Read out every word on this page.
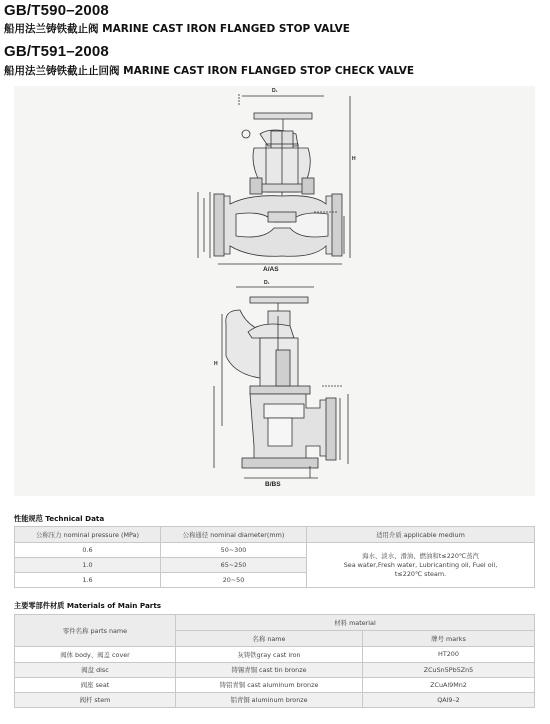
GB/T590–2008
船用法兰铸铁截止阀 MARINE CAST IRON FLANGED STOP VALVE
GB/T591–2008
船用法兰铸铁截止止回阀 MARINE CAST IRON FLANGED STOP CHECK VALVE
A/AS
B/BS
D₁
H
D₁
H
性能规范 Technical Data
公称压力 nominal pressure (MPa)	公称通径 nominal diameter(mm)	适用介质 applicable medium
0.6	50~300	海水、淡水、滑油、燃油和t≤220℃蒸汽
Sea water,Fresh water, Lubricanting oil, Fuel oil,
t≤220℃ steam.

1.0	65~250	
1.6	20~50	
主要零部件材质 Materials of Main Parts
零件名称 parts name	材料 material	
	名称 name	牌号 marks
阀体 body、阀盖 cover	灰铸铁gray cast iron	HT200
阀盘 disc	铸锡青铜 cast tin bronze	ZCuSn5Pb5Zn5
阀座 seat	铸铝青铜 cast aluminum bronze	ZCuAl9Mn2
阀杆 stem	铝青铜 aluminum bronze	QAl9–2
